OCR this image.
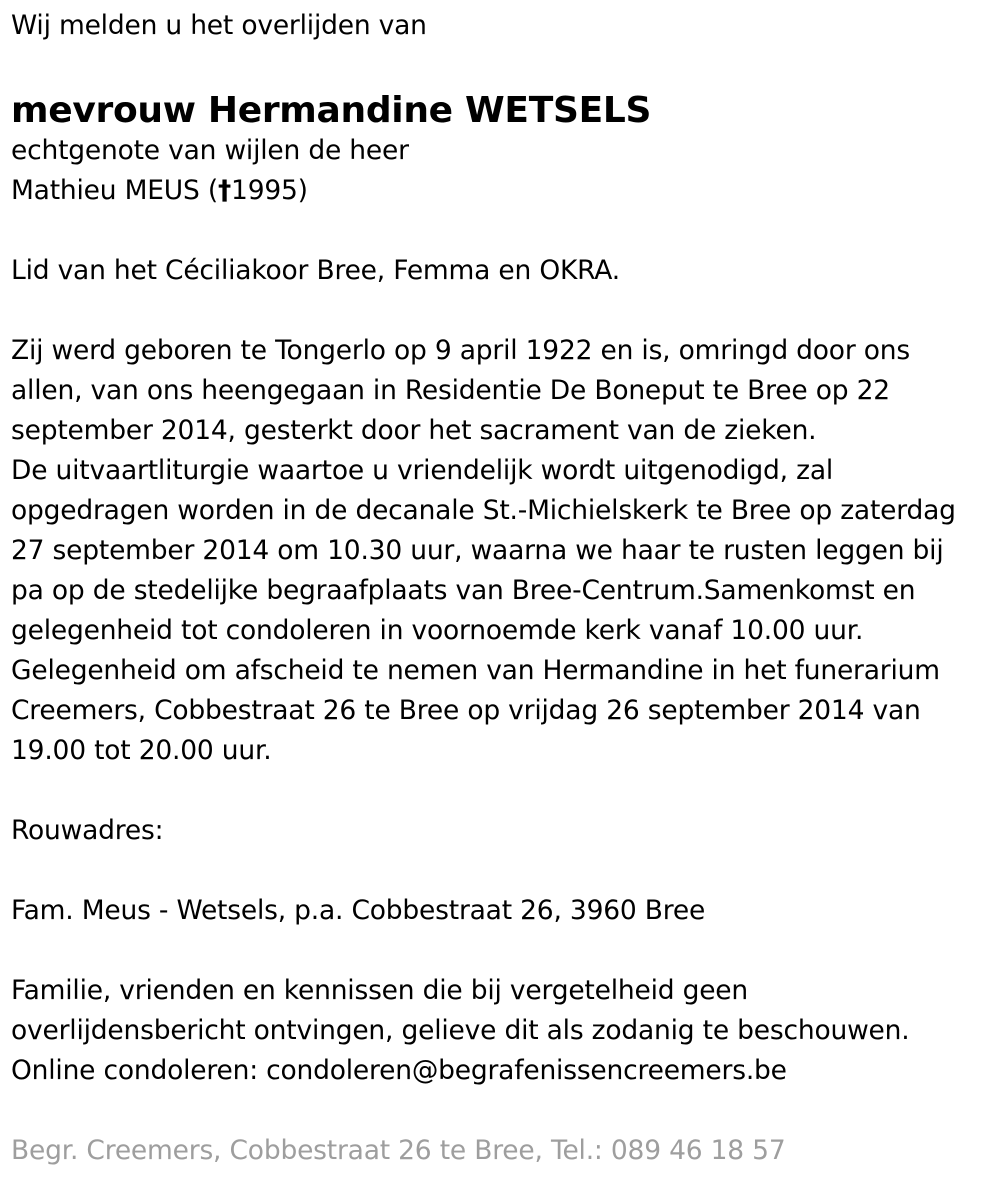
Wij melden u het overlijden van
mevrouw Hermandine WETSELS
echtgenote van wijlen de heer
Mathieu MEUS (†1995)
Lid van het Céciliakoor Bree, Femma en OKRA.
Zij werd geboren te Tongerlo op 9 april 1922 en is, omringd door ons
allen, van ons heengegaan in Residentie De Boneput te Bree op 22
september 2014, gesterkt door het sacrament van de zieken.
De uitvaartliturgie waartoe u vriendelijk wordt uitgenodigd, zal
opgedragen worden in de decanale St.-Michielskerk te Bree op zaterdag
27 september 2014 om 10.30 uur, waarna we haar te rusten leggen bij
pa op de stedelijke begraafplaats van Bree-Centrum.Samenkomst en
gelegenheid tot condoleren in voornoemde kerk vanaf 10.00 uur.
Gelegenheid om afscheid te nemen van Hermandine in het funerarium
Creemers, Cobbestraat 26 te Bree op vrijdag 26 september 2014 van
19.00 tot 20.00 uur.
Rouwadres:
Fam. Meus - Wetsels, p.a. Cobbestraat 26, 3960 Bree
Familie, vrienden en kennissen die bij vergetelheid geen
overlijdensbericht ontvingen, gelieve dit als zodanig te beschouwen.
Online condoleren: condoleren@begrafenissencreemers.be
Begr. Creemers, Cobbestraat 26 te Bree, Tel.: 089 46 18 57
